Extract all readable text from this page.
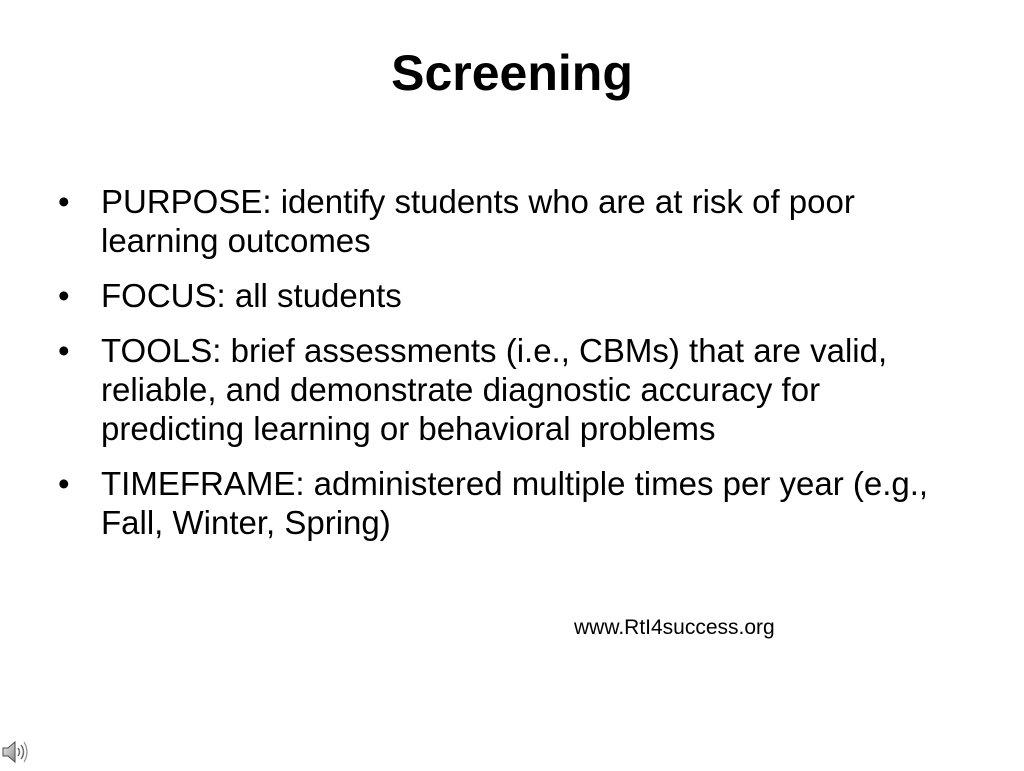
Screening
• PURPOSE: identify students who are at risk of poor learning outcomes
• FOCUS: all students
• TOOLS: brief assessments (i.e., CBMs) that are valid, reliable, and demonstrate diagnostic accuracy for predicting learning or behavioral problems
• TIMEFRAME: administered multiple times per year (e.g., Fall, Winter, Spring)
www.RtI4success.org
